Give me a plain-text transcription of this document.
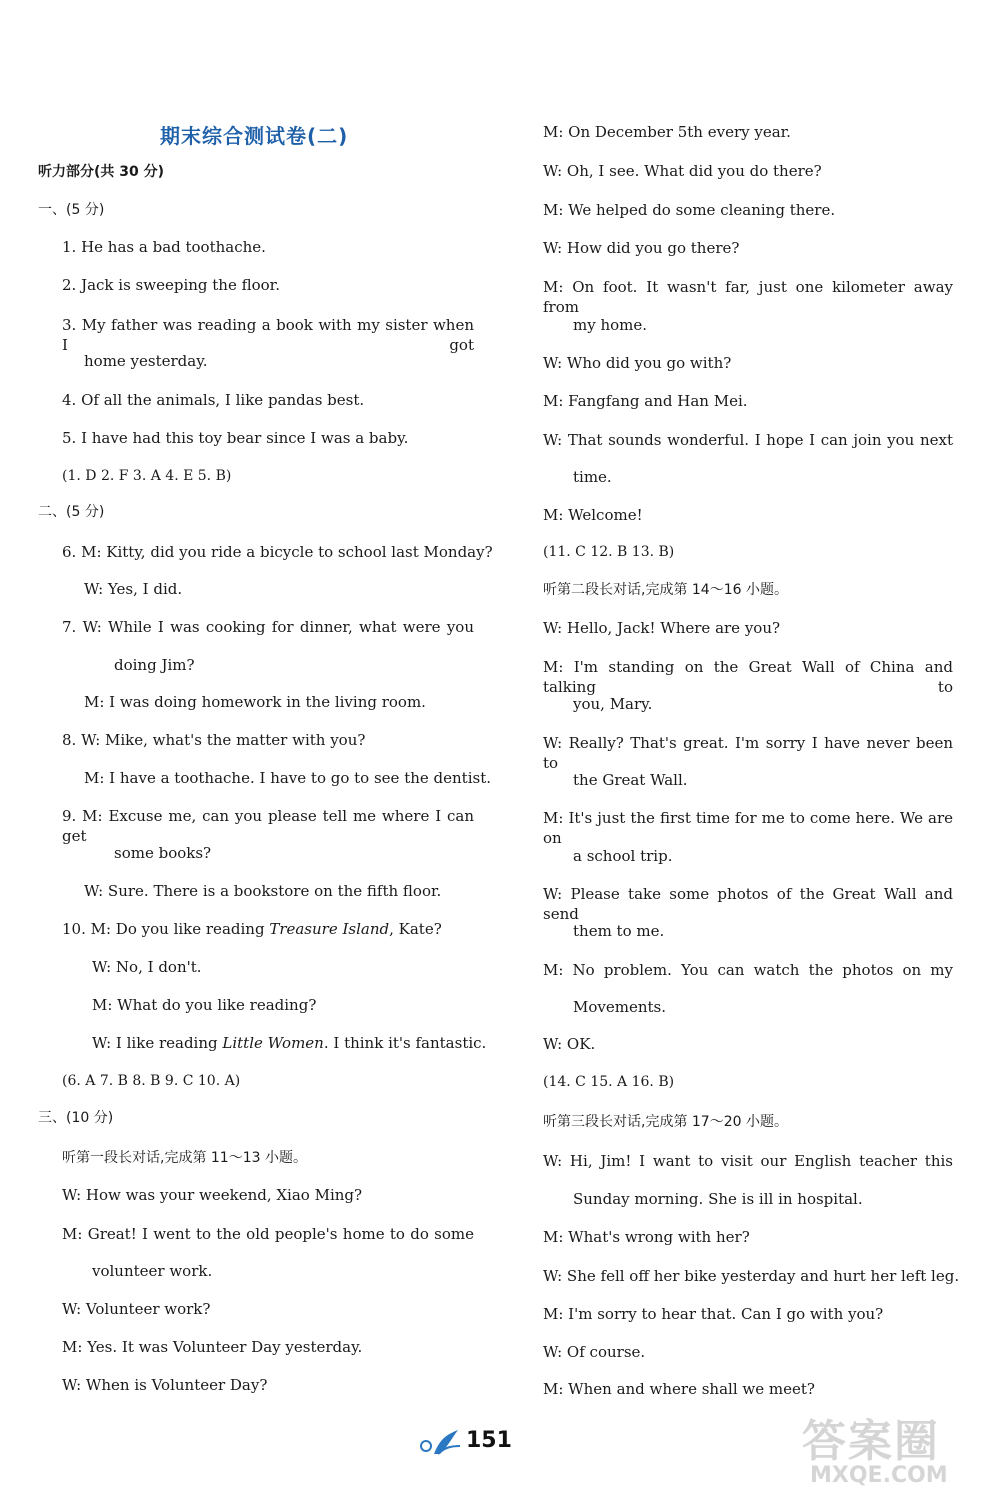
期末综合测试卷(二)
听力部分(共 30 分)
一、(5 分)
1. He has a bad toothache.
2. Jack is sweeping the floor.
3. My father was reading a book with my sister when I got
home yesterday.
4. Of all the animals, I like pandas best.
5. I have had this toy bear since I was a baby.
(1. D 2. F 3. A 4. E 5. B)
二、(5 分)
6. M: Kitty, did you ride a bicycle to school last Monday?
W: Yes, I did.
7. W: While I was cooking for dinner, what were you
doing Jim?
M: I was doing homework in the living room.
8. W: Mike, what's the matter with you?
M: I have a toothache. I have to go to see the dentist.
9. M: Excuse me, can you please tell me where I can get
some books?
W: Sure. There is a bookstore on the fifth floor.
10. M: Do you like reading Treasure Island, Kate?
W: No, I don't.
M: What do you like reading?
W: I like reading Little Women. I think it's fantastic.
(6. A 7. B 8. B 9. C 10. A)
三、(10 分)
听第一段长对话,完成第 11～13 小题。
W: How was your weekend, Xiao Ming?
M: Great! I went to the old people's home to do some
volunteer work.
W: Volunteer work?
M: Yes. It was Volunteer Day yesterday.
W: When is Volunteer Day?
M: On December 5th every year.
W: Oh, I see. What did you do there?
M: We helped do some cleaning there.
W: How did you go there?
M: On foot. It wasn't far, just one kilometer away from
my home.
W: Who did you go with?
M: Fangfang and Han Mei.
W: That sounds wonderful. I hope I can join you next
time.
M: Welcome!
(11. C 12. B 13. B)
听第二段长对话,完成第 14～16 小题。
W: Hello, Jack! Where are you?
M: I'm standing on the Great Wall of China and talking to
you, Mary.
W: Really? That's great. I'm sorry I have never been to
the Great Wall.
M: It's just the first time for me to come here. We are on
a school trip.
W: Please take some photos of the Great Wall and send
them to me.
M: No problem. You can watch the photos on my
Movements.
W: OK.
(14. C 15. A 16. B)
听第三段长对话,完成第 17～20 小题。
W: Hi, Jim! I want to visit our English teacher this
Sunday morning. She is ill in hospital.
M: What's wrong with her?
W: She fell off her bike yesterday and hurt her left leg.
M: I'm sorry to hear that. Can I go with you?
W: Of course.
M: When and where shall we meet?
151	答案圈
MXQE.COM
